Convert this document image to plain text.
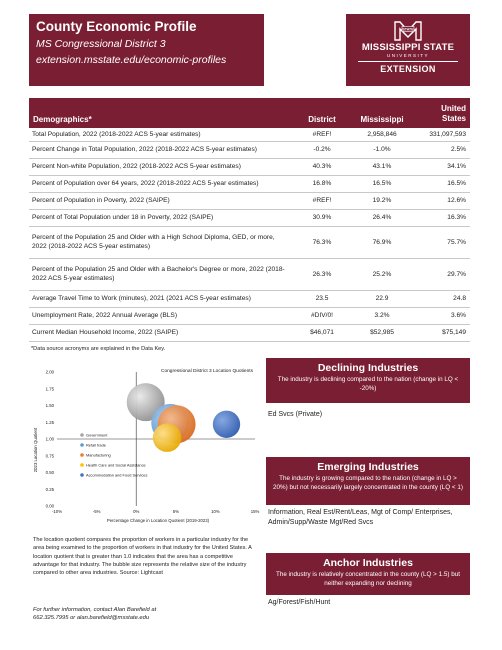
County Economic Profile
MS Congressional District 3
extension.msstate.edu/economic-profiles
STATE
MISSISSIPPI STATE
UNIVERSITY
EXTENSION
Demographics*	District	Mississippi	United States
Total Population, 2022 (2018-2022 ACS 5-year estimates)	#REF!	2,958,846	331,097,593
Percent Change in Total Population, 2022 (2018-2022 ACS 5-year estimates)	-0.2%	-1.0%	2.5%
Percent Non-white Population, 2022 (2018-2022 ACS 5-year estimates)	40.3%	43.1%	34.1%
Percent of Population over 64 years, 2022 (2018-2022 ACS 5-year estimates)	16.8%	16.5%	16.5%
Percent of Population in Poverty, 2022 (SAIPE)	#REF!	19.2%	12.6%
Percent of Total Population under 18 in Poverty, 2022 (SAIPE)	30.9%	26.4%	16.3%
Percent of the Population 25 and Older with a High School Diploma, GED, or more, 2022 (2018-2022 ACS 5-year estimates)	76.3%	76.9%	75.7%
Percent of the Population 25 and Older with a Bachelor's Degree or more, 2022 (2018-2022 ACS 5-year estimates)	26.3%	25.2%	29.7%
Average Travel Time to Work (minutes), 2021 (2021 ACS 5-year estimates)	23.5	22.9	24.8
Unemployment Rate, 2022 Annual Average (BLS)	#DIV/0!	3.2%	3.6%
Current Median Household Income, 2022 (SAIPE)	$46,071	$52,985	$75,149
*Data source acronyms are explained in the Data Key.
Congressional District 3 Location Quotients
2023 Location Quotient
Percentage Change in Location Quotient (2019-2023)
0.00
0.25
0.50
0.75
1.00
1.25
1.50
1.75
2.00
-10%	-5%	0%	5%	10%	15%
Government
Retail trade
Manufacturing
Health Care and Social Assistance
Accommodation and Food Services
The location quotient compares the proportion of workers in a particular industry for the area being examined to the proportion of workers in that industry for the United States. A location quotient that is greater than 1.0 indicates that the area has a competitive advantage for that industry. The bubble size represents the relative size of the industry compared to other area industries. Source: Lightcast
For further information, contact Alan Barefield at
662.325.7995 or alan.barefield@msstate.edu
Declining Industries
The industry is declining compared to the nation (change in LQ < -20%)
Ed Svcs (Private)
Emerging Industries
The industry is growing compared to the nation (change in LQ > 20%) but not necessarily largely concentrated in the county (LQ < 1)
Information, Real Est/Rent/Leas, Mgt of Comp/ Enterprises, Admin/Supp/Waste Mgt/Red Svcs
Anchor Industries
The industry is relatively concentrated in the county (LQ > 1.5) but neither expanding nor declining
Ag/Forest/Fish/Hunt
